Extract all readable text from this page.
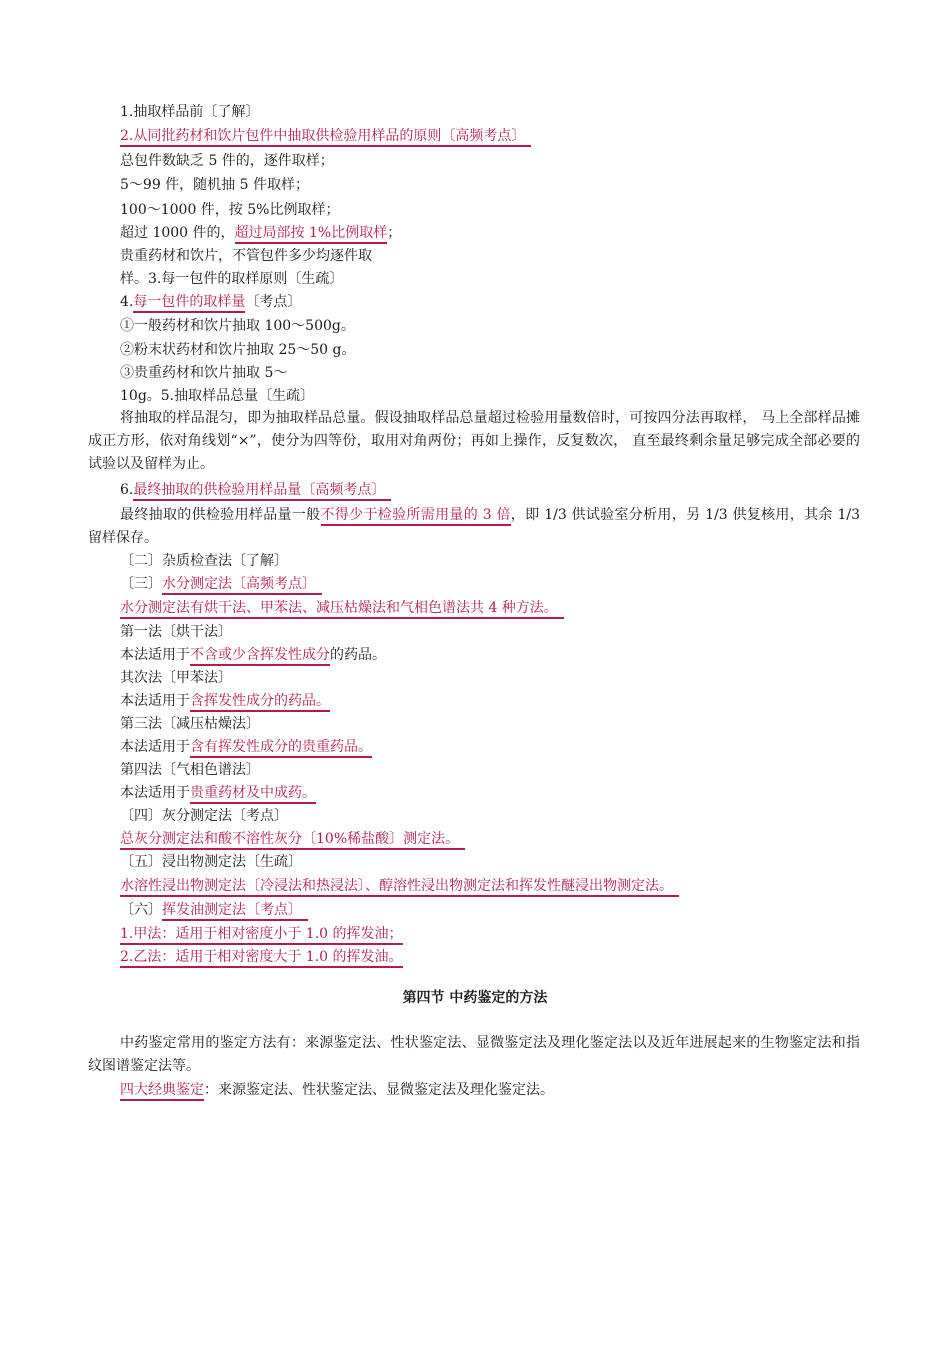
1.抽取样品前〔了解〕
2.从同批药材和饮片包件中抽取供检验用样品的原则〔高频考点〕
总包件数缺乏 5 件的，逐件取样；
5～99 件，随机抽 5 件取样；
100～1000 件，按 5%比例取样；
超过 1000 件的，超过局部按 1%比例取样；
贵重药材和饮片，不管包件多少均逐件取
样。3.每一包件的取样原则〔生疏〕
4.每一包件的取样量〔考点〕
①一般药材和饮片抽取 100～500g。
②粉末状药材和饮片抽取 25～50 g。
③贵重药材和饮片抽取 5～
10g。5.抽取样品总量〔生疏〕
将抽取的样品混匀，即为抽取样品总量。假设抽取样品总量超过检验用量数倍时，可按四分法再取样， 马上全部样品摊成正方形，依对角线划“×”，使分为四等份，取用对角两份；再如上操作，反复数次， 直至最终剩余量足够完成全部必要的试验以及留样为止。
6.最终抽取的供检验用样品量〔高频考点〕
最终抽取的供检验用样品量一般不得少于检验所需用量的 3 倍，即 1/3 供试验室分析用，另 1/3 供复核用，其余 1/3 留样保存。
〔二〕杂质检查法〔了解〕
〔三〕水分测定法〔高频考点〕
水分测定法有烘干法、甲苯法、减压枯燥法和气相色谱法共 4 种方法。
第一法〔烘干法〕
本法适用于不含或少含挥发性成分的药品。
其次法〔甲苯法〕
本法适用于含挥发性成分的药品。
第三法〔减压枯燥法〕
本法适用于含有挥发性成分的贵重药品。
第四法〔气相色谱法〕
本法适用于贵重药材及中成药。
〔四〕灰分测定法〔考点〕
总灰分测定法和酸不溶性灰分〔10%稀盐酸〕测定法。
〔五〕浸出物测定法〔生疏〕
水溶性浸出物测定法〔冷浸法和热浸法〕、醇溶性浸出物测定法和挥发性醚浸出物测定法。
〔六〕挥发油测定法〔考点〕
1.甲法：适用于相对密度小于 1.0 的挥发油；
2.乙法：适用于相对密度大于 1.0 的挥发油。
第四节 中药鉴定的方法
中药鉴定常用的鉴定方法有：来源鉴定法、性状鉴定法、显微鉴定法及理化鉴定法以及近年进展起来的生物鉴定法和指纹图谱鉴定法等。
四大经典鉴定：来源鉴定法、性状鉴定法、显微鉴定法及理化鉴定法。
